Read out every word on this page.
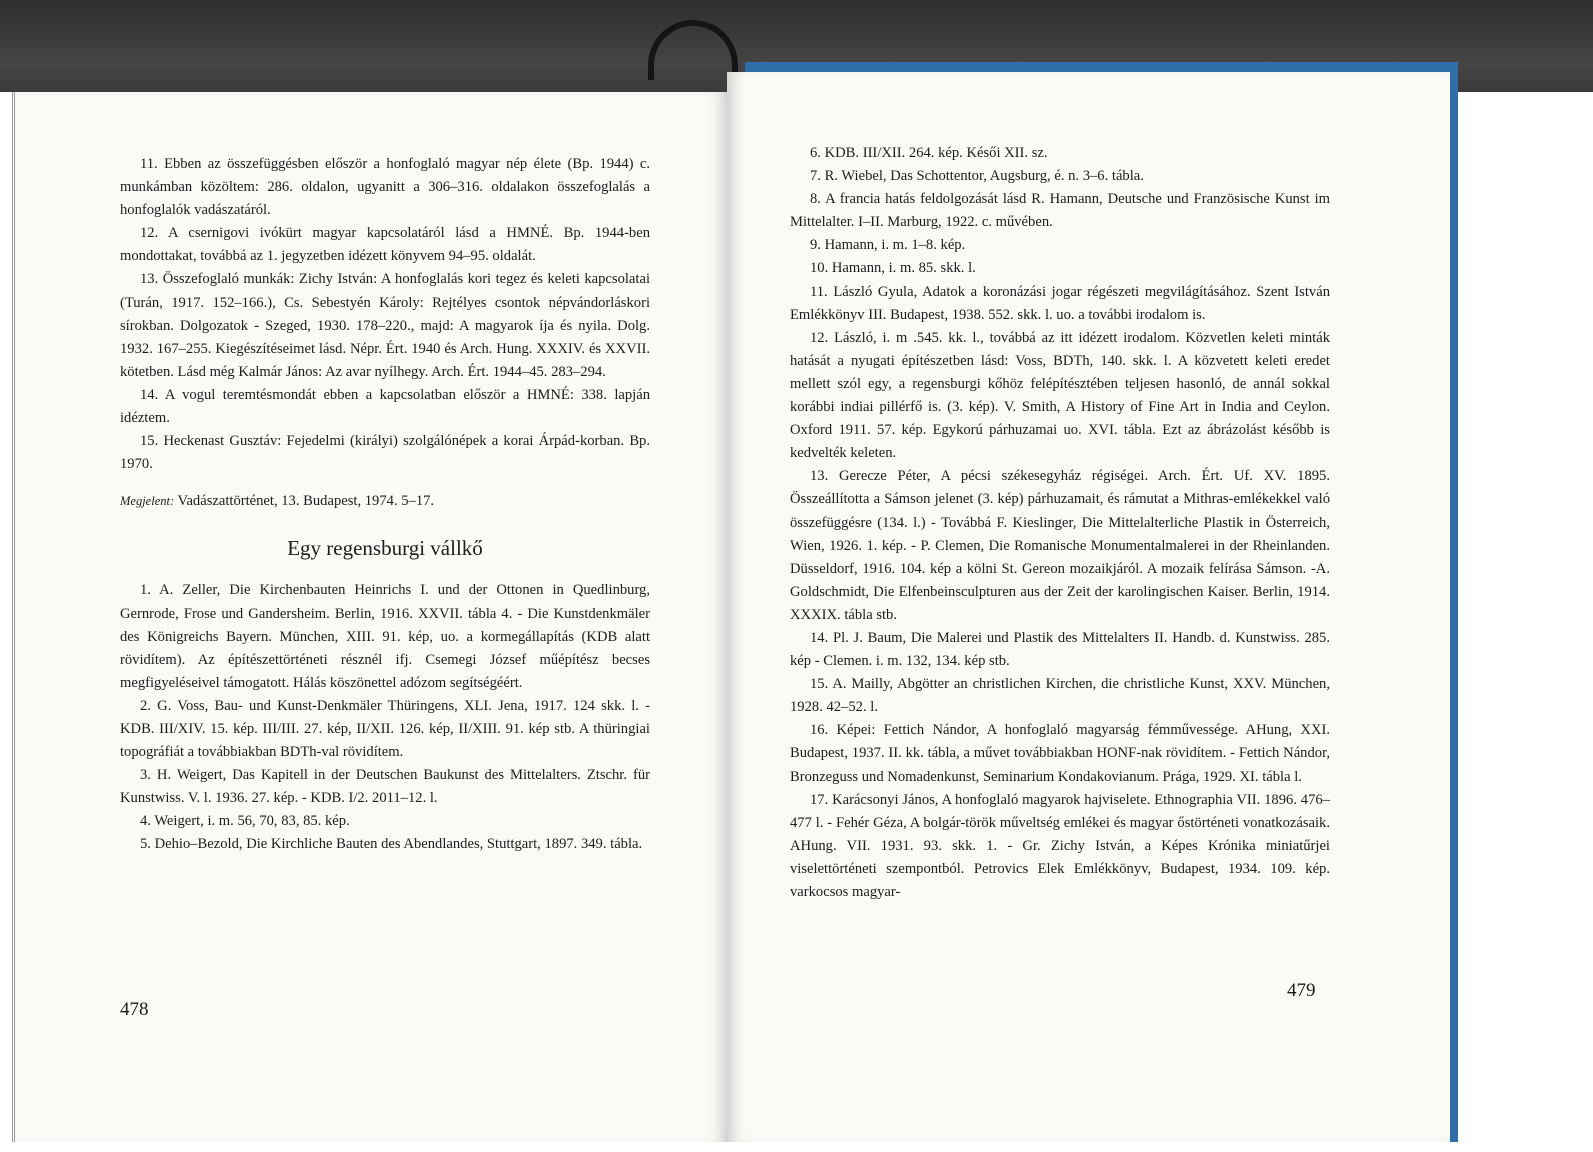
11. Ebben az összefüggésben először a honfoglaló magyar nép élete (Bp. 1944) c. munkámban közöltem: 286. oldalon, ugyanitt a 306–316. oldalakon összefoglalás a honfoglalók vadászatáról.

12. A csernigovi ivókürt magyar kapcsolatáról lásd a HMNÉ. Bp. 1944-ben mondottakat, továbbá az 1. jegyzetben idézett könyvem 94–95. oldalát.

13. Összefoglaló munkák: Zichy István: A honfoglalás kori tegez és keleti kapcsolatai (Turán, 1917. 152–166.), Cs. Sebestyén Károly: Rejtélyes csontok népvándorláskori sírokban. Dolgozatok - Szeged, 1930. 178–220., majd: A magyarok íja és nyila. Dolg. 1932. 167–255. Kiegészítéseimet lásd. Népr. Ért. 1940 és Arch. Hung. XXXIV. és XXVII. kötetben. Lásd még Kalmár János: Az avar nyílhegy. Arch. Ért. 1944–45. 283–294.

14. A vogul teremtésmondát ebben a kapcsolatban először a HMNÉ: 338. lapján idéztem.

15. Heckenast Gusztáv: Fejedelmi (királyi) szolgálónépek a korai Árpád-korban. Bp. 1970.

Megjelent: Vadászattörténet, 13. Budapest, 1974. 5–17.

Egy regensburgi vállkő

1. A. Zeller, Die Kirchenbauten Heinrichs I. und der Ottonen in Quedlinburg, Gernrode, Frose und Gandersheim. Berlin, 1916. XXVII. tábla 4. - Die Kunstdenkmäler des Königreichs Bayern. München, XIII. 91. kép, uo. a kormegállapítás (KDB alatt rövidítem). Az építészettörténeti résznél ifj. Csemegi József műépítész becses megfigyeléseivel támogatott. Hálás köszönettel adózom segítségéért.

2. G. Voss, Bau- und Kunst-Denkmäler Thüringens, XLI. Jena, 1917. 124 skk. l. - KDB. III/XIV. 15. kép. III/III. 27. kép, II/XII. 126. kép, II/XIII. 91. kép stb. A thüringiai topográfiát a továbbiakban BDTh-val rövidítem.

3. H. Weigert, Das Kapitell in der Deutschen Baukunst des Mittelalters. Ztschr. für Kunstwiss. V. l. 1936. 27. kép. - KDB. I/2. 2011–12. l.

4. Weigert, i. m. 56, 70, 83, 85. kép.

5. Dehio–Bezold, Die Kirchliche Bauten des Abendlandes, Stuttgart, 1897. 349. tábla.

478

6. KDB. III/XII. 264. kép. Késői XII. sz.

7. R. Wiebel, Das Schottentor, Augsburg, é. n. 3–6. tábla.

8. A francia hatás feldolgozását lásd R. Hamann, Deutsche und Französische Kunst im Mittelalter. I–II. Marburg, 1922. c. művében.

9. Hamann, i. m. 1–8. kép.

10. Hamann, i. m. 85. skk. l.

11. László Gyula, Adatok a koronázási jogar régészeti megvilágításához. Szent István Emlékkönyv III. Budapest, 1938. 552. skk. l. uo. a további irodalom is.

12. László, i. m .545. kk. l., továbbá az itt idézett irodalom. Közvetlen keleti minták hatását a nyugati építészetben lásd: Voss, BDTh, 140. skk. l. A közvetett keleti eredet mellett szól egy, a regensburgi kőhöz felépítésztében teljesen hasonló, de annál sokkal korábbi indiai pillérfő is. (3. kép). V. Smith, A History of Fine Art in India and Ceylon. Oxford 1911. 57. kép. Egykorú párhuzamai uo. XVI. tábla. Ezt az ábrázolást később is kedvelték keleten.

13. Gerecze Péter, A pécsi székesegyház régiségei. Arch. Ért. Uf. XV. 1895. Összeállította a Sámson jelenet (3. kép) párhuzamait, és rámutat a Mithras-emlékekkel való összefüggésre (134. l.) - Továbbá F. Kieslinger, Die Mittelalterliche Plastik in Österreich, Wien, 1926. 1. kép. - P. Clemen, Die Romanische Monumentalmalerei in der Rheinlanden. Düsseldorf, 1916. 104. kép a kölni St. Gereon mozaikjáról. A mozaik felírása Sámson. -A. Goldschmidt, Die Elfenbeinsculpturen aus der Zeit der karolingischen Kaiser. Berlin, 1914. XXXIX. tábla stb.

14. Pl. J. Baum, Die Malerei und Plastik des Mittelalters II. Handb. d. Kunstwiss. 285. kép - Clemen. i. m. 132, 134. kép stb.

15. A. Mailly, Abgötter an christlichen Kirchen, die christliche Kunst, XXV. München, 1928. 42–52. l.

16. Képei: Fettich Nándor, A honfoglaló magyarság fémművessége. AHung, XXI. Budapest, 1937. II. kk. tábla, a művet továbbiakban HONF-nak rövidítem. - Fettich Nándor, Bronzeguss und Nomadenkunst, Seminarium Kondakovianum. Prága, 1929. XI. tábla l.

17. Karácsonyi János, A honfoglaló magyarok hajviselete. Ethnographia VII. 1896. 476–477 l. - Fehér Géza, A bolgár-török műveltség emlékei és magyar őstörténeti vonatkozásaik. AHung. VII. 1931. 93. skk. 1. - Gr. Zichy István, a Képes Krónika miniatűrjei viselettörténeti szempontból. Petrovics Elek Emlékkönyv, Budapest, 1934. 109. kép. varkocsos magyar-

479
